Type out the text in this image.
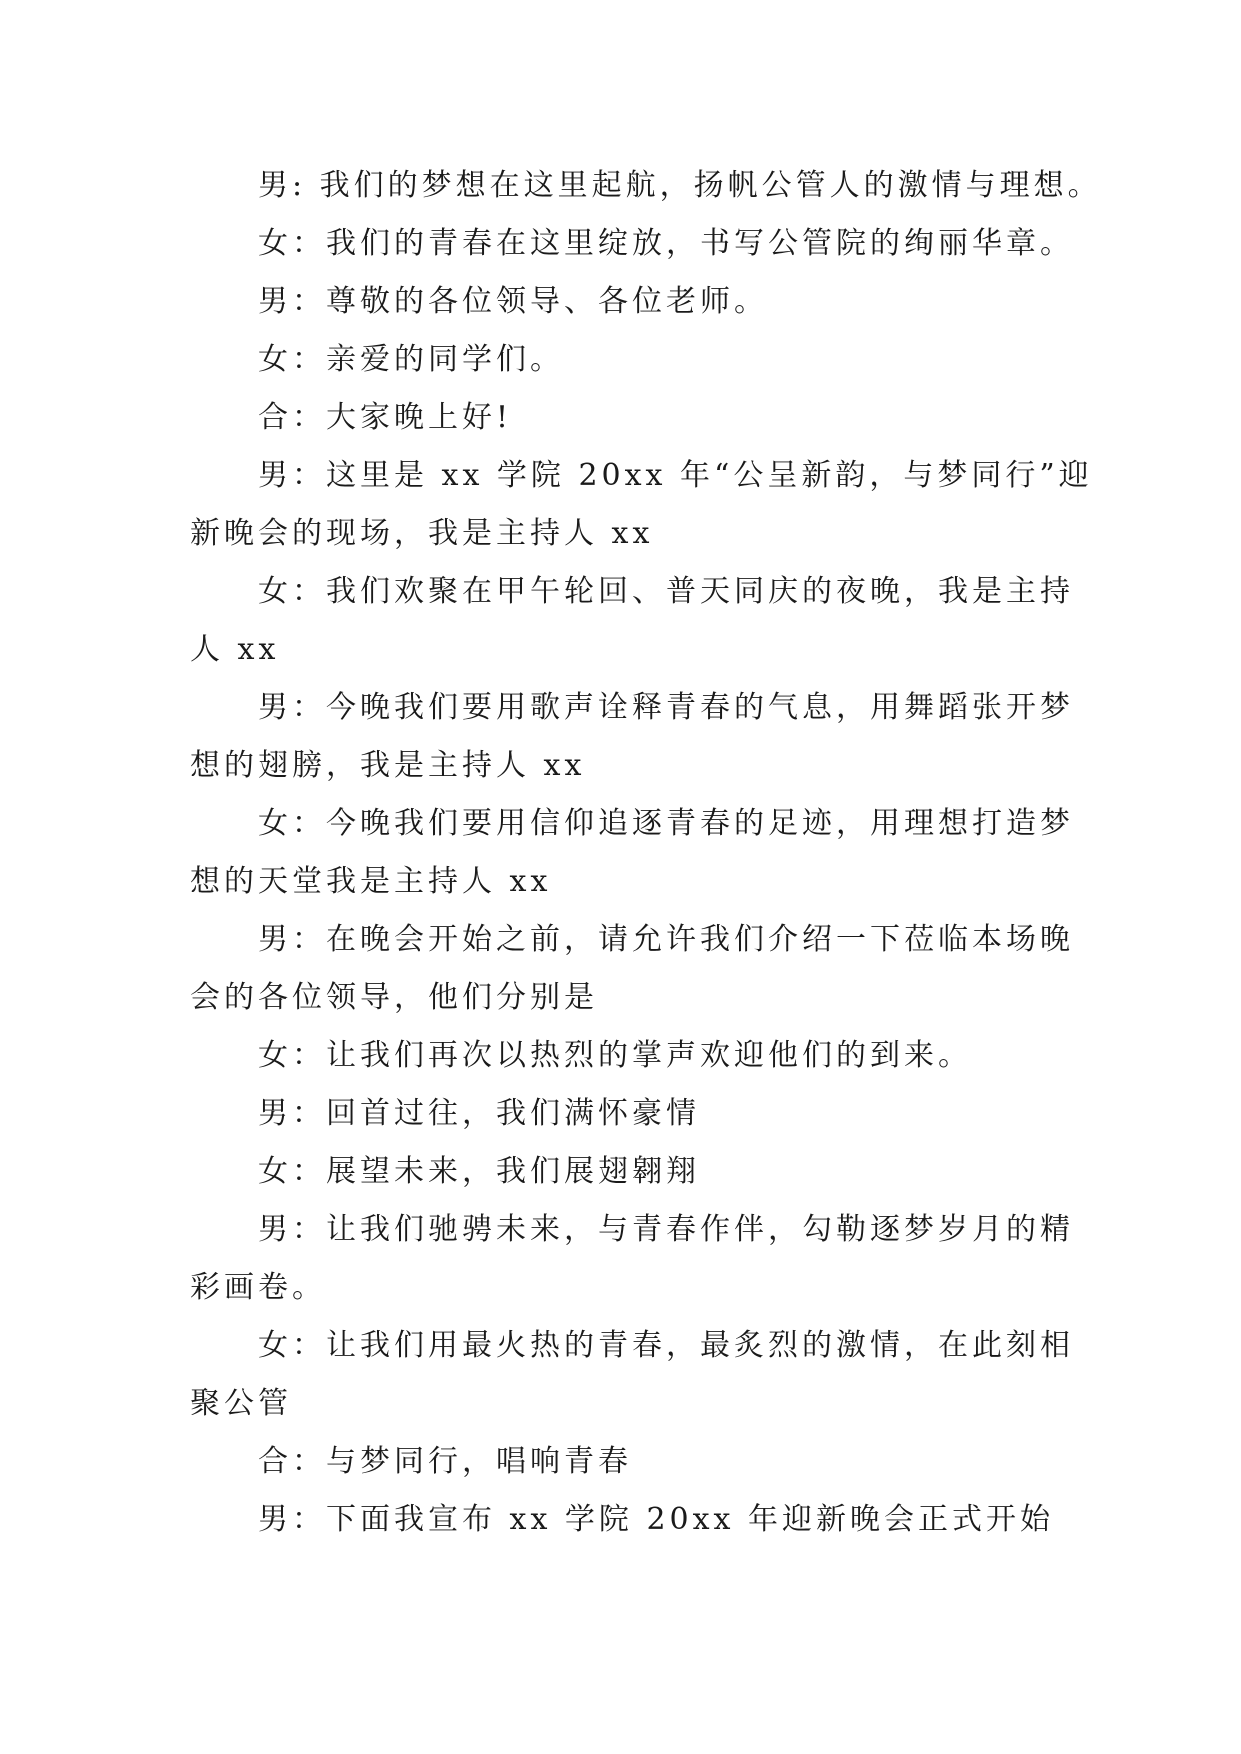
男: 我们的梦想在这里起航，扬帆公管人的激情与理想。
女：我们的青春在这里绽放，书写公管院的绚丽华章。
男：尊敬的各位领导、各位老师。
女：亲爱的同学们。
合：大家晚上好!
男：这里是 xx 学院 20xx 年“公呈新韵，与梦同行”迎
新晚会的现场，我是主持人 xx
女：我们欢聚在甲午轮回、普天同庆的夜晚，我是主持
人 xx
男：今晚我们要用歌声诠释青春的气息，用舞蹈张开梦
想的翅膀，我是主持人 xx
女：今晚我们要用信仰追逐青春的足迹，用理想打造梦
想的天堂我是主持人 xx
男：在晚会开始之前，请允许我们介绍一下莅临本场晚
会的各位领导，他们分别是
女：让我们再次以热烈的掌声欢迎他们的到来。
男：回首过往，我们满怀豪情
女：展望未来，我们展翅翱翔
男：让我们驰骋未来，与青春作伴，勾勒逐梦岁月的精
彩画卷。
女：让我们用最火热的青春，最炙烈的激情，在此刻相
聚公管
合：与梦同行，唱响青春
男：下面我宣布 xx 学院 20xx 年迎新晚会正式开始
